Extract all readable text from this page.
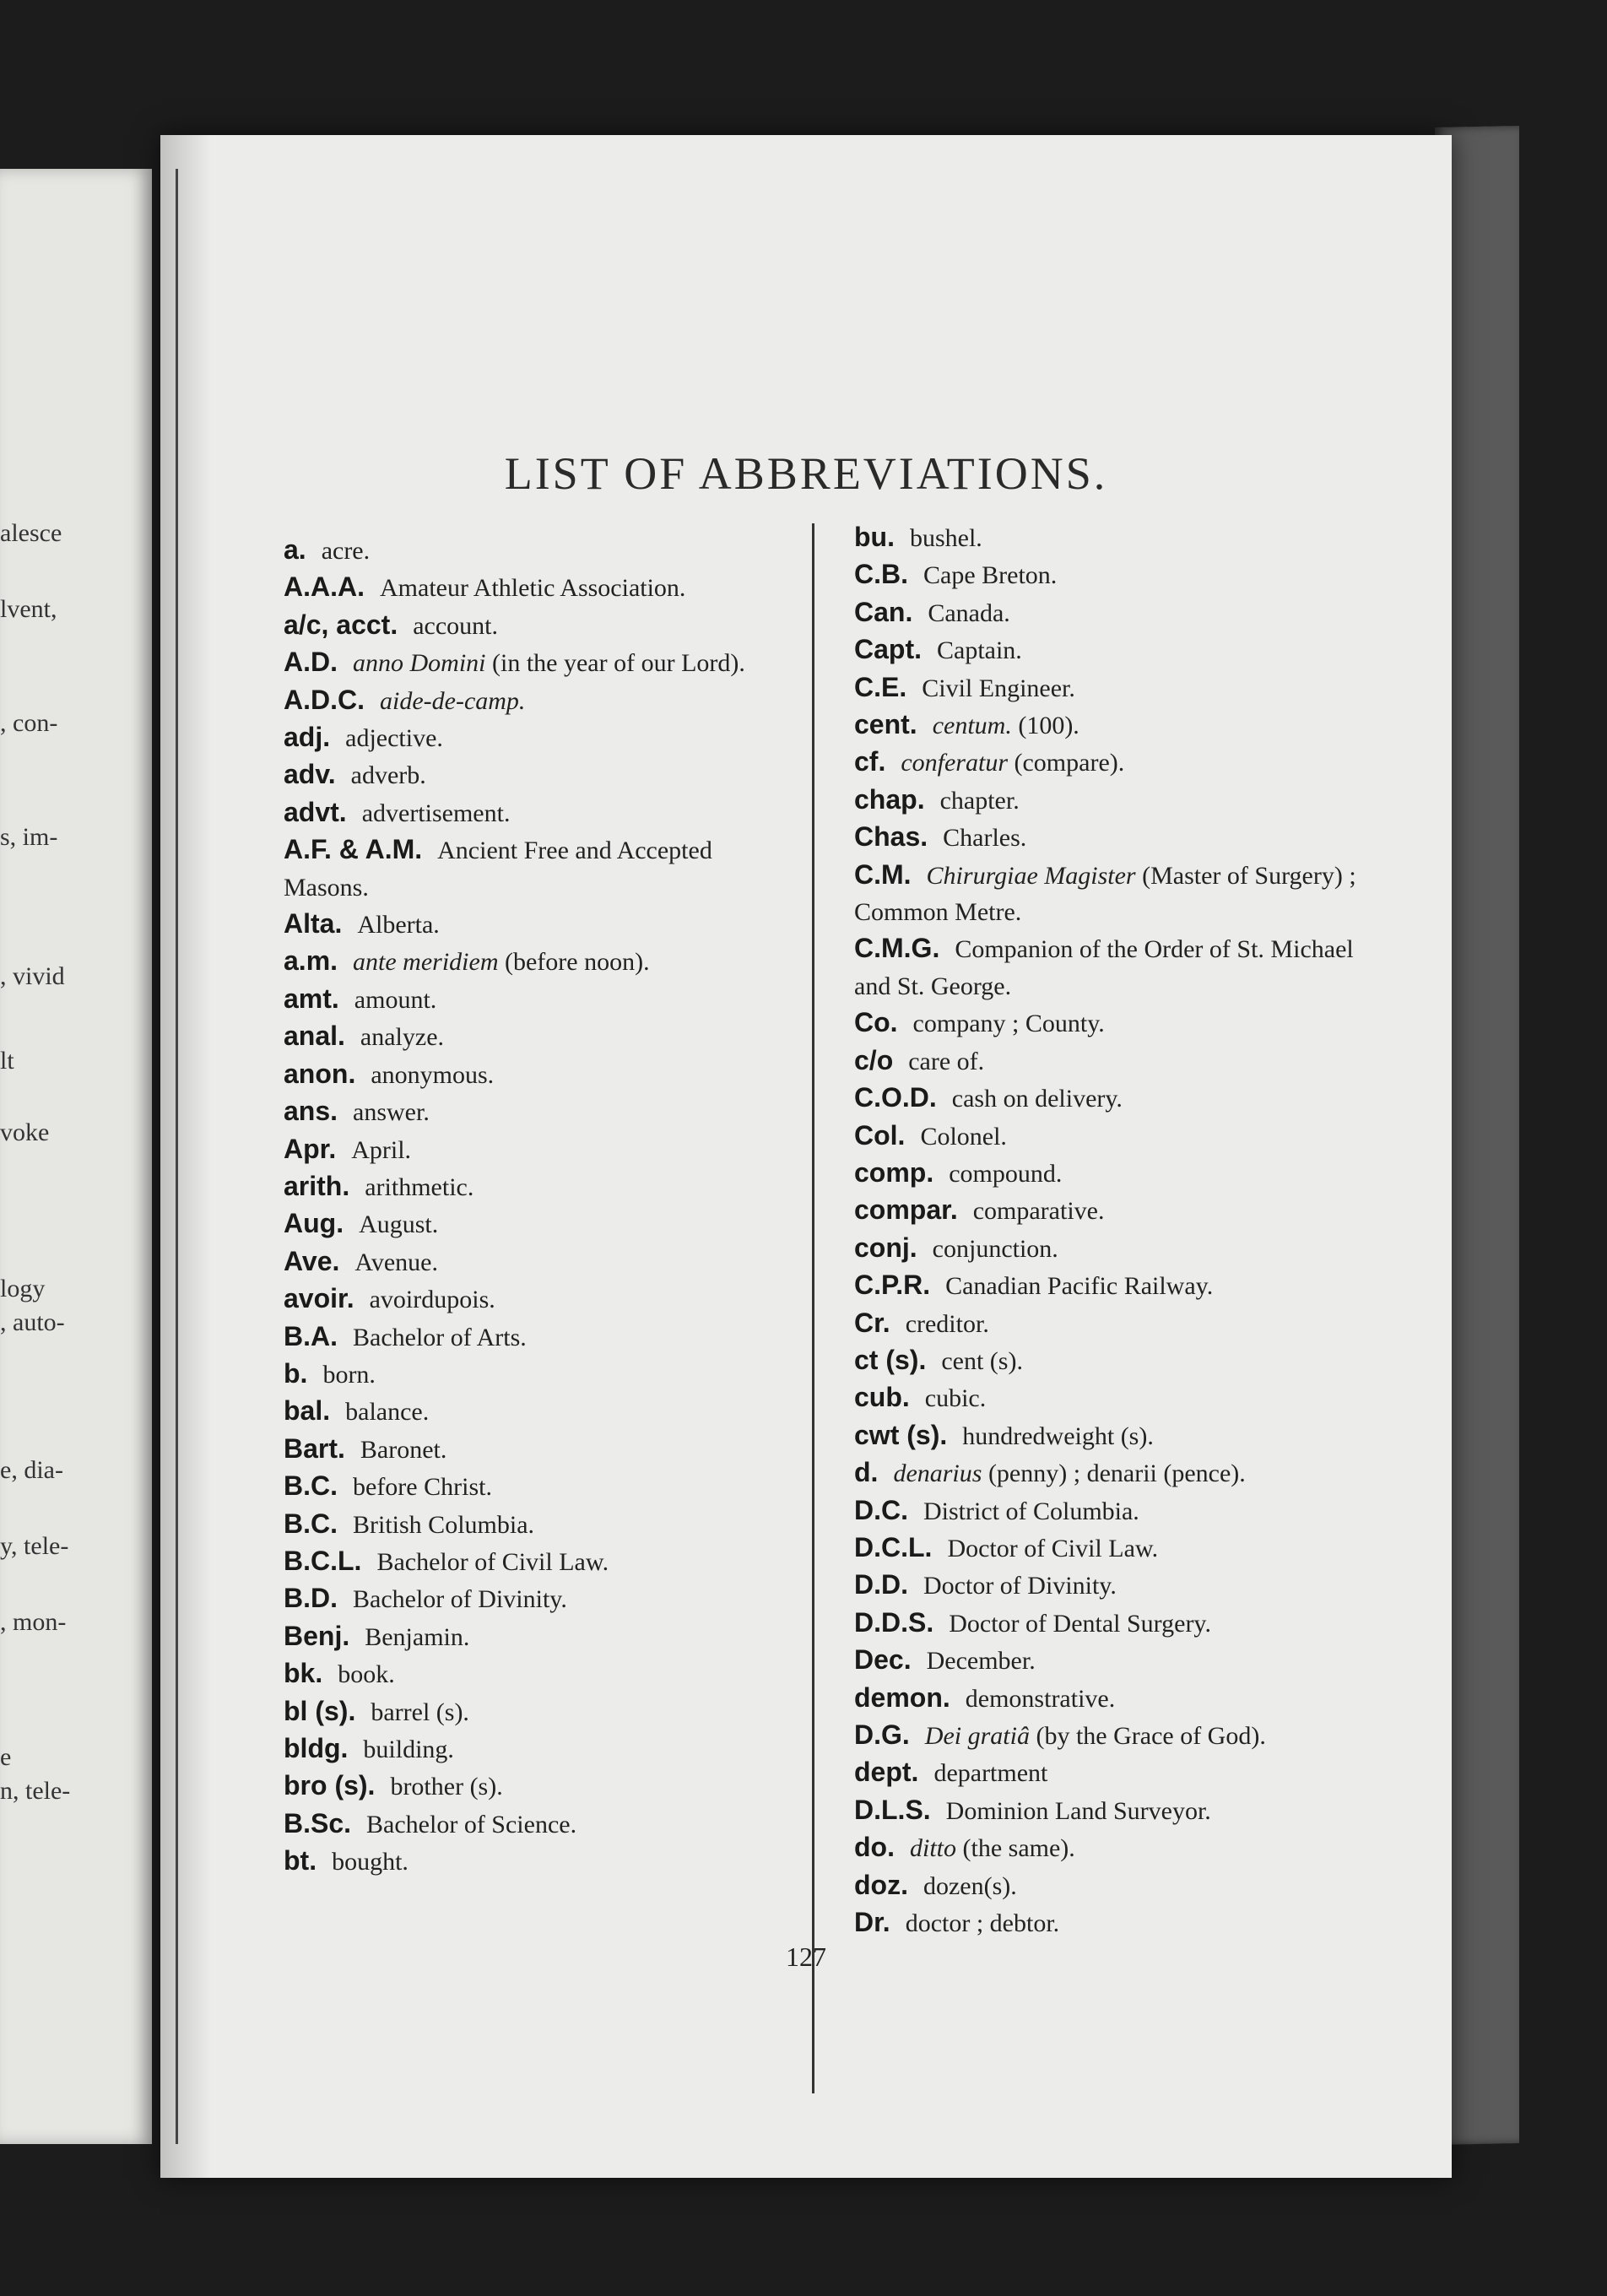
alesce
lvent,
, con-
s, im-
, vivid
lt
voke
logy
, auto-
e, dia-
y, tele-
, mon-
e
n, tele-
LIST OF ABBREVIATIONS.

a. acre.

A.A.A. Amateur Athletic Association.

a/c, acct. account.

A.D. anno Domini (in the year of our Lord).

A.D.C. aide-de-camp.

adj. adjective.

adv. adverb.

advt. advertisement.

A.F. & A.M. Ancient Free and Accepted Masons.

Alta. Alberta.

a.m. ante meridiem (before noon).

amt. amount.

anal. analyze.

anon. anonymous.

ans. answer.

Apr. April.

arith. arithmetic.

Aug. August.

Ave. Avenue.

avoir. avoirdupois.

B.A. Bachelor of Arts.

b. born.

bal. balance.

Bart. Baronet.

B.C. before Christ.

B.C. British Columbia.

B.C.L. Bachelor of Civil Law.

B.D. Bachelor of Divinity.

Benj. Benjamin.

bk. book.

bl (s). barrel (s).

bldg. building.

bro (s). brother (s).

B.Sc. Bachelor of Science.

bt. bought.

bu. bushel.

C.B. Cape Breton.

Can. Canada.

Capt. Captain.

C.E. Civil Engineer.

cent. centum. (100).

cf. conferatur (compare).

chap. chapter.

Chas. Charles.

C.M. Chirurgiae Magister (Master of Surgery) ; Common Metre.

C.M.G. Companion of the Order of St. Michael and St. George.

Co. company ; County.

c/o care of.

C.O.D. cash on delivery.

Col. Colonel.

comp. compound.

compar. comparative.

conj. conjunction.

C.P.R. Canadian Pacific Railway.

Cr. creditor.

ct (s). cent (s).

cub. cubic.

cwt (s). hundredweight (s).

d. denarius (penny) ; denarii (pence).

D.C. District of Columbia.

D.C.L. Doctor of Civil Law.

D.D. Doctor of Divinity.

D.D.S. Doctor of Dental Surgery.

Dec. December.

demon. demonstrative.

D.G. Dei gratiâ (by the Grace of God).

dept. department

D.L.S. Dominion Land Surveyor.

do. ditto (the same).

doz. dozen(s).

Dr. doctor ; debtor.

127
